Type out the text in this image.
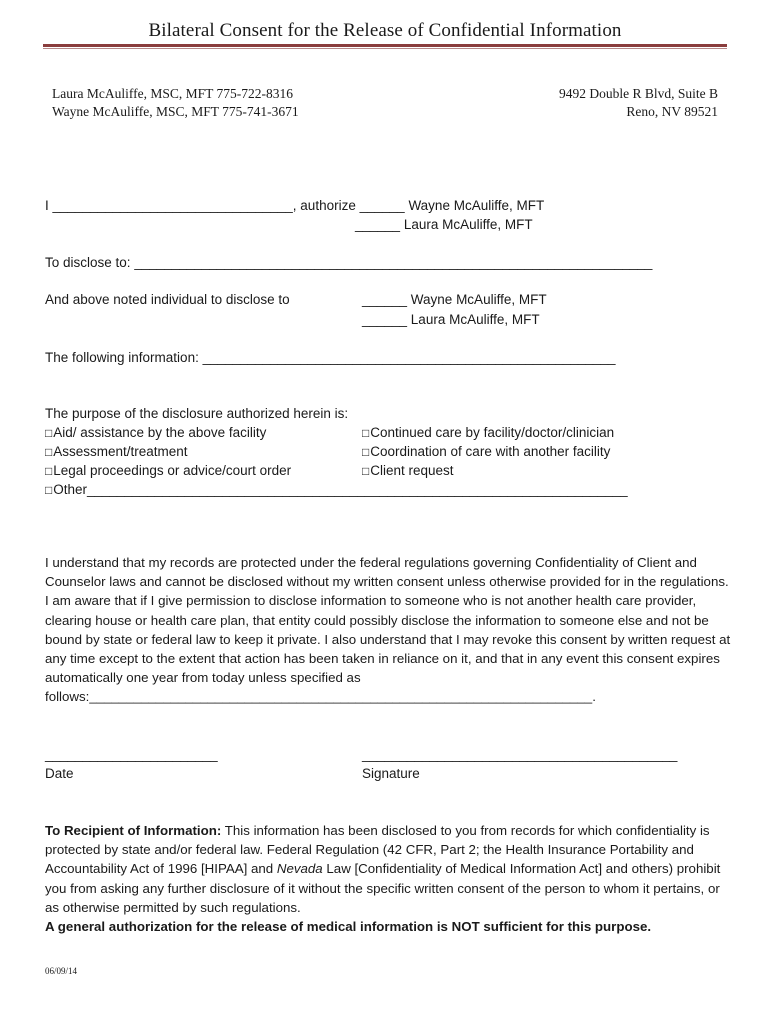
Bilateral Consent for the Release of Confidential Information
Laura McAuliffe, MSC, MFT 775-722-8316
Wayne McAuliffe, MSC, MFT 775-741-3671
9492 Double R Blvd, Suite B
Reno, NV 89521
I ________________________________, authorize ______ Wayne McAuliffe, MFT
______ Laura McAuliffe, MFT
To disclose to: _____________________________________________________________________
And above noted individual to disclose to	______ Wayne McAuliffe, MFT
______ Laura McAuliffe, MFT
The following information: _______________________________________________________
The purpose of the disclosure authorized herein is:
□Aid/ assistance by the above facility
□Assessment/treatment
□Legal proceedings or advice/court order
□Other________________________________________________________________________
□Continued care by facility/doctor/clinician
□Coordination of care with another facility
□Client request

I understand that my records are protected under the federal regulations governing Confidentiality of Client and Counselor laws and cannot be disclosed without my written consent unless otherwise provided for in the regulations. I am aware that if I give permission to disclose information to someone who is not another health care provider, clearing house or health care plan, that entity could possibly disclose the information to someone else and not be bound by state or federal law to keep it private. I also understand that I may revoke this consent by written request at any time except to the extent that action has been taken in reliance on it, and that in any event this consent expires automatically one year from today unless specified as follows:____________________________________________________________________.

_______________________
Date
__________________________________________
Signature

To Recipient of Information: This information has been disclosed to you from records for which confidentiality is protected by state and/or federal law. Federal Regulation (42 CFR, Part 2; the Health Insurance Portability and Accountability Act of 1996 [HIPAA] and Nevada Law [Confidentiality of Medical Information Act] and others) prohibit you from asking any further disclosure of it without the specific written consent of the person to whom it pertains, or as otherwise permitted by such regulations.

A general authorization for the release of medical information is NOT sufficient for this purpose.

06/09/14
